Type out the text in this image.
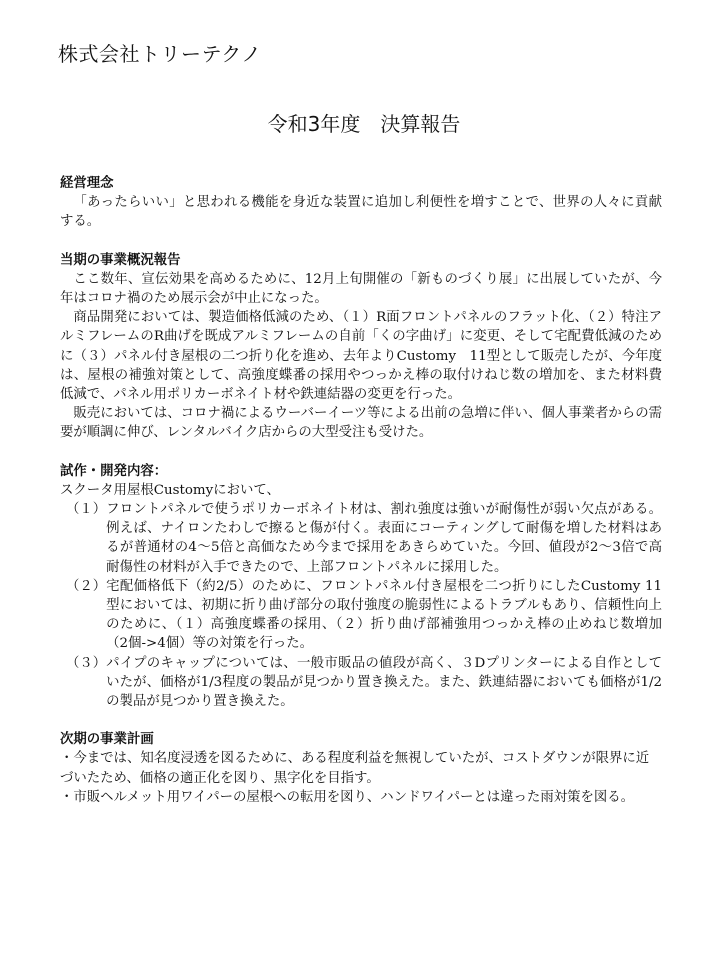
株式会社トリーテクノ
令和3年度　決算報告

経営理念

「あったらいい」と思われる機能を身近な装置に追加し利便性を増すことで、世界の人々に貢献する。

当期の事業概況報告

ここ数年、宣伝効果を高めるために、12月上旬開催の「新ものづくり展」に出展していたが、今年はコロナ禍のため展示会が中止になった。

商品開発においては、製造価格低減のため、（１）R面フロントパネルのフラット化、（２）特注アルミフレームのR曲げを既成アルミフレームの自前「くの字曲げ」に変更、そして宅配費低減のために（３）パネル付き屋根の二つ折り化を進め、去年よりCustomy　11型として販売したが、今年度は、屋根の補強対策として、高強度蝶番の採用やつっかえ棒の取付けねじ数の増加を、また材料費低減で、パネル用ポリカーボネイト材や鉄連結器の変更を行った。

販売においては、コロナ禍によるウーバーイーツ等による出前の急増に伴い、個人事業者からの需要が順調に伸び、レンタルバイク店からの大型受注も受けた。

試作・開発内容：

スクータ用屋根Customyにおいて、

（１） フロントパネルで使うポリカーボネイト材は、割れ強度は強いが耐傷性が弱い欠点がある。例えば、ナイロンたわしで擦ると傷が付く。表面にコーティングして耐傷を増した材料はあるが普通材の4～5倍と高価なため今まで採用をあきらめていた。今回、値段が2～3倍で高耐傷性の材料が入手できたので、上部フロントパネルに採用した。
（２） 宅配価格低下（約2/5）のために、フロントパネル付き屋根を二つ折りにしたCustomy 11型においては、初期に折り曲げ部分の取付強度の脆弱性によるトラブルもあり、信頼性向上のために、（１）高強度蝶番の採用、（２）折り曲げ部補強用つっかえ棒の止めねじ数増加（2個->4個）等の対策を行った。
（３） パイプのキャップについては、一般市販品の値段が高く、３Dプリンターによる自作としていたが、価格が1/3程度の製品が見つかり置き換えた。また、鉄連結器においても価格が1/2の製品が見つかり置き換えた。

次期の事業計画

・今までは、知名度浸透を図るために、ある程度利益を無視していたが、コストダウンが限界に近づいたため、価格の適正化を図り、黒字化を目指す。

・市販ヘルメット用ワイパーの屋根への転用を図り、ハンドワイパーとは違った雨対策を図る。
